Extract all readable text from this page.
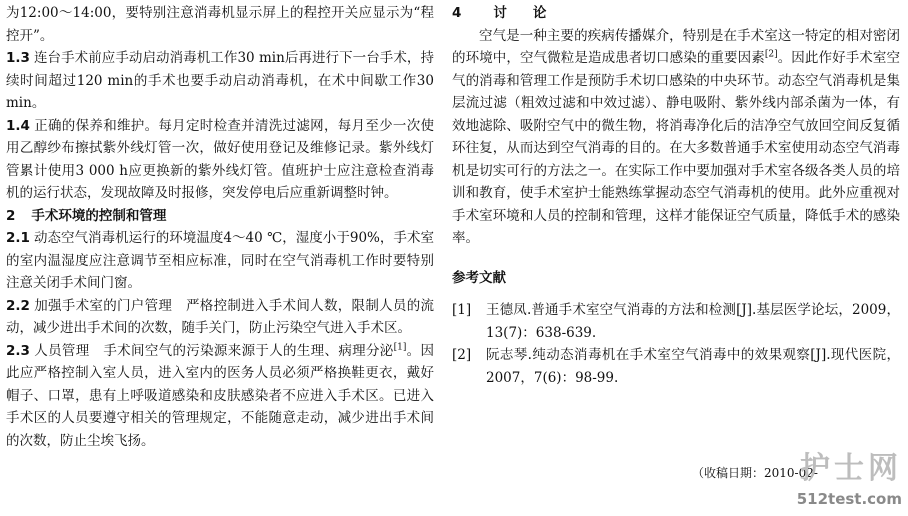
为12:00～14:00，要特别注意消毒机显示屏上的程控开关应显示为“程控开”。

1.3 连台手术前应手动启动消毒机工作30 min后再进行下一台手术，持续时间超过120 min的手术也要手动启动消毒机，在术中间歇工作30 min。

1.4 正确的保养和维护。每月定时检查并清洗过滤网，每月至少一次使用乙醇纱布擦拭紫外线灯管一次，做好使用登记及维修记录。紫外线灯管累计使用3 000 h应更换新的紫外线灯管。值班护士应注意检查消毒机的运行状态，发现故障及时报修，突发停电后应重新调整时钟。

2 手术环境的控制和管理

2.1 动态空气消毒机运行的环境温度4～40 ℃，湿度小于90%，手术室的室内温湿度应注意调节至相应标准，同时在空气消毒机工作时要特别注意关闭手术间门窗。

2.2 加强手术室的门户管理  严格控制进入手术间人数，限制人员的流动，减少进出手术间的次数，随手关门，防止污染空气进入手术区。

2.3 人员管理  手术间空气的污染源来源于人的生理、病理分泌[1]。因此应严格控制入室人员，进入室内的医务人员必须严格换鞋更衣，戴好帽子、口罩，患有上呼吸道感染和皮肤感染者不应进入手术区。已进入手术区的人员要遵守相关的管理规定，不能随意走动，减少进出手术间的次数，防止尘埃飞扬。

4 讨论

空气是一种主要的疾病传播媒介，特别是在手术室这一特定的相对密闭的环境中，空气微粒是造成患者切口感染的重要因素[2]。因此作好手术室空气的消毒和管理工作是预防手术切口感染的中央环节。动态空气消毒机是集层流过滤（粗效过滤和中效过滤）、静电吸附、紫外线内部杀菌为一体，有效地滤除、吸附空气中的微生物，将消毒净化后的洁净空气放回空间反复循环往复，从而达到空气消毒的目的。在大多数普通手术室使用动态空气消毒机是切实可行的方法之一。在实际工作中要加强对手术室各级各类人员的培训和教育，使手术室护士能熟练掌握动态空气消毒机的使用。此外应重视对手术室环境和人员的控制和管理，这样才能保证空气质量，降低手术的感染率。

参考文献

[1]	王德凤.普通手术室空气消毒的方法和检测[J].基层医学论坛，2009，13(7)：638-639.
[2]	阮志琴.纯动态消毒机在手术室空气消毒中的效果观察[J].现代医院，2007，7(6)：98-99.
（收稿日期：2010-02-
护士网
512test.com
